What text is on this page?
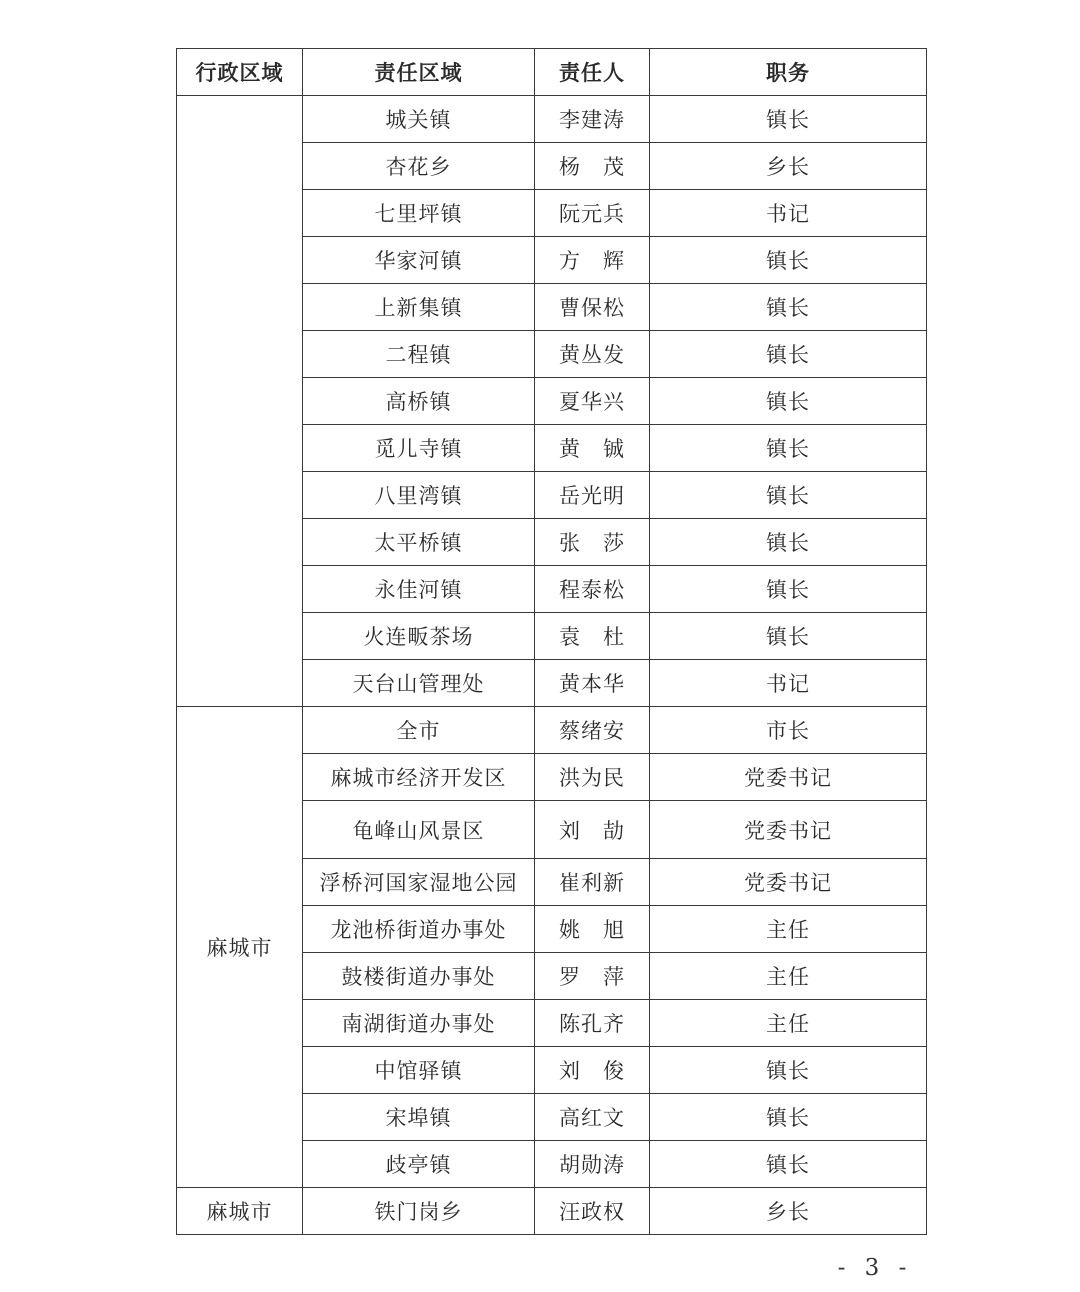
行政区域	责任区域	责任人	职务
	城关镇	李建涛	镇长
	杏花乡	杨　茂	乡长
	七里坪镇	阮元兵	书记
	华家河镇	方　辉	镇长
	上新集镇	曹保松	镇长
	二程镇	黄丛发	镇长
	高桥镇	夏华兴	镇长
	觅儿寺镇	黄　铖	镇长
	八里湾镇	岳光明	镇长
	太平桥镇	张　莎	镇长
	永佳河镇	程泰松	镇长
	火连畈茶场	袁　杜	镇长
	天台山管理处	黄本华	书记
麻城市	全市	蔡绪安	市长
	麻城市经济开发区	洪为民	党委书记
	龟峰山风景区	刘　劼	党委书记
	浮桥河国家湿地公园	崔利新	党委书记
	龙池桥街道办事处	姚　旭	主任
	鼓楼街道办事处	罗　萍	主任
	南湖街道办事处	陈孔齐	主任
	中馆驿镇	刘　俊	镇长
	宋埠镇	高红文	镇长
	歧亭镇	胡勋涛	镇长
麻城市	铁门岗乡	汪政权	乡长
- 3 -
